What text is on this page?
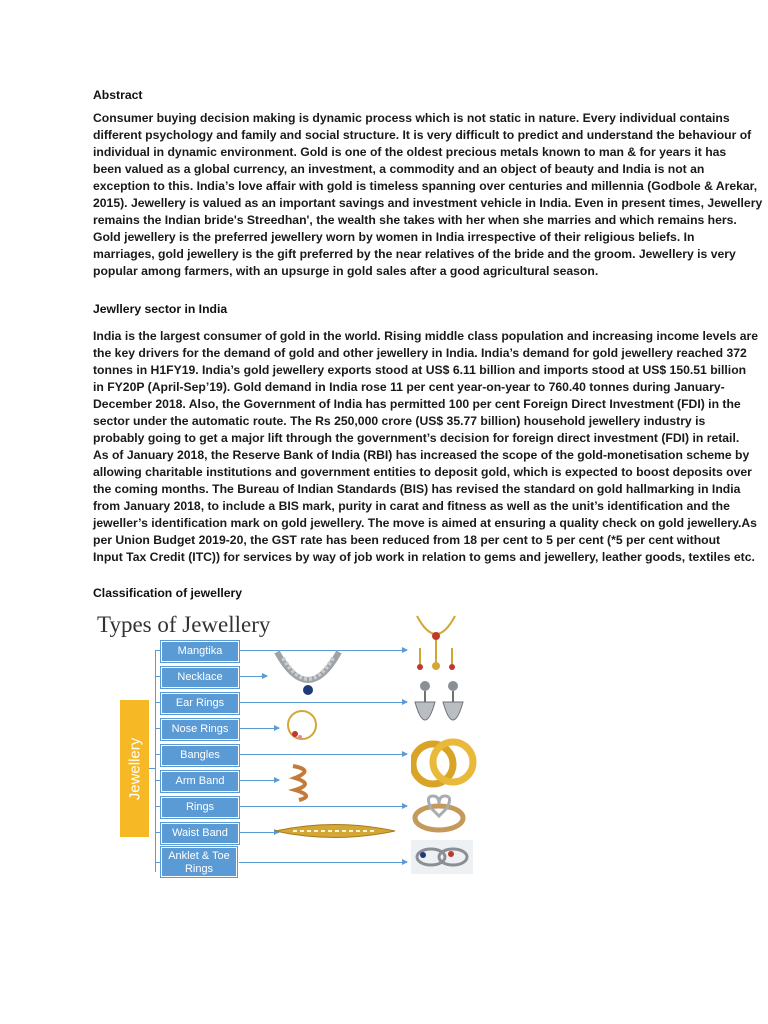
Abstract

Consumer buying decision making is dynamic process which is not static in nature. Every individual contains
different psychology and family and social structure. It is very difficult to predict and understand the behaviour of
individual in dynamic environment. Gold is one of the oldest precious metals known to man & for years it has
been valued as a global currency, an investment, a commodity and an object of beauty and India is not an
exception to this. India’s love affair with gold is timeless spanning over centuries and millennia (Godbole & Arekar,
2015). Jewellery is valued as an important savings and investment vehicle in India. Even in present times, Jewellery
remains the Indian bride's Streedhan', the wealth she takes with her when she marries and which remains hers.
Gold jewellery is the preferred jewellery worn by women in India irrespective of their religious beliefs. In
marriages, gold jewellery is the gift preferred by the near relatives of the bride and the groom. Jewellery is very
popular among farmers, with an upsurge in gold sales after a good agricultural season.

Jewllery sector in India

India is the largest consumer of gold in the world. Rising middle class population and increasing income levels are
the key drivers for the demand of gold and other jewellery in India. India’s demand for gold jewellery reached 372
tonnes in H1FY19. India’s gold jewellery exports stood at US$ 6.11 billion and imports stood at US$ 150.51 billion
in FY20P (April-Sep’19). Gold demand in India rose 11 per cent year-on-year to 760.40 tonnes during January-
December 2018. Also, the Government of India has permitted 100 per cent Foreign Direct Investment (FDI) in the
sector under the automatic route. The Rs 250,000 crore (US$ 35.77 billion) household jewellery industry is
probably going to get a major lift through the government’s decision for foreign direct investment (FDI) in retail.
As of January 2018, the Reserve Bank of India (RBI) has increased the scope of the gold-monetisation scheme by
allowing charitable institutions and government entities to deposit gold, which is expected to boost deposits over
the coming months. The Bureau of Indian Standards (BIS) has revised the standard on gold hallmarking in India
from January 2018, to include a BIS mark, purity in carat and fitness as well as the unit’s identification and the
jeweller’s identification mark on gold jewellery. The move is aimed at ensuring a quality check on gold jewellery.As
per Union Budget 2019-20, the GST rate has been reduced from 18 per cent to 5 per cent (*5 per cent without
Input Tax Credit (ITC)) for services by way of job work in relation to gems and jewellery, leather goods, textiles etc.

Classification of jewellery
Types of Jewellery
Jewellery
Mangtika
Necklace
Ear Rings
Nose Rings
Bangles
Arm Band
Rings
Waist Band
Anklet & Toe Rings
